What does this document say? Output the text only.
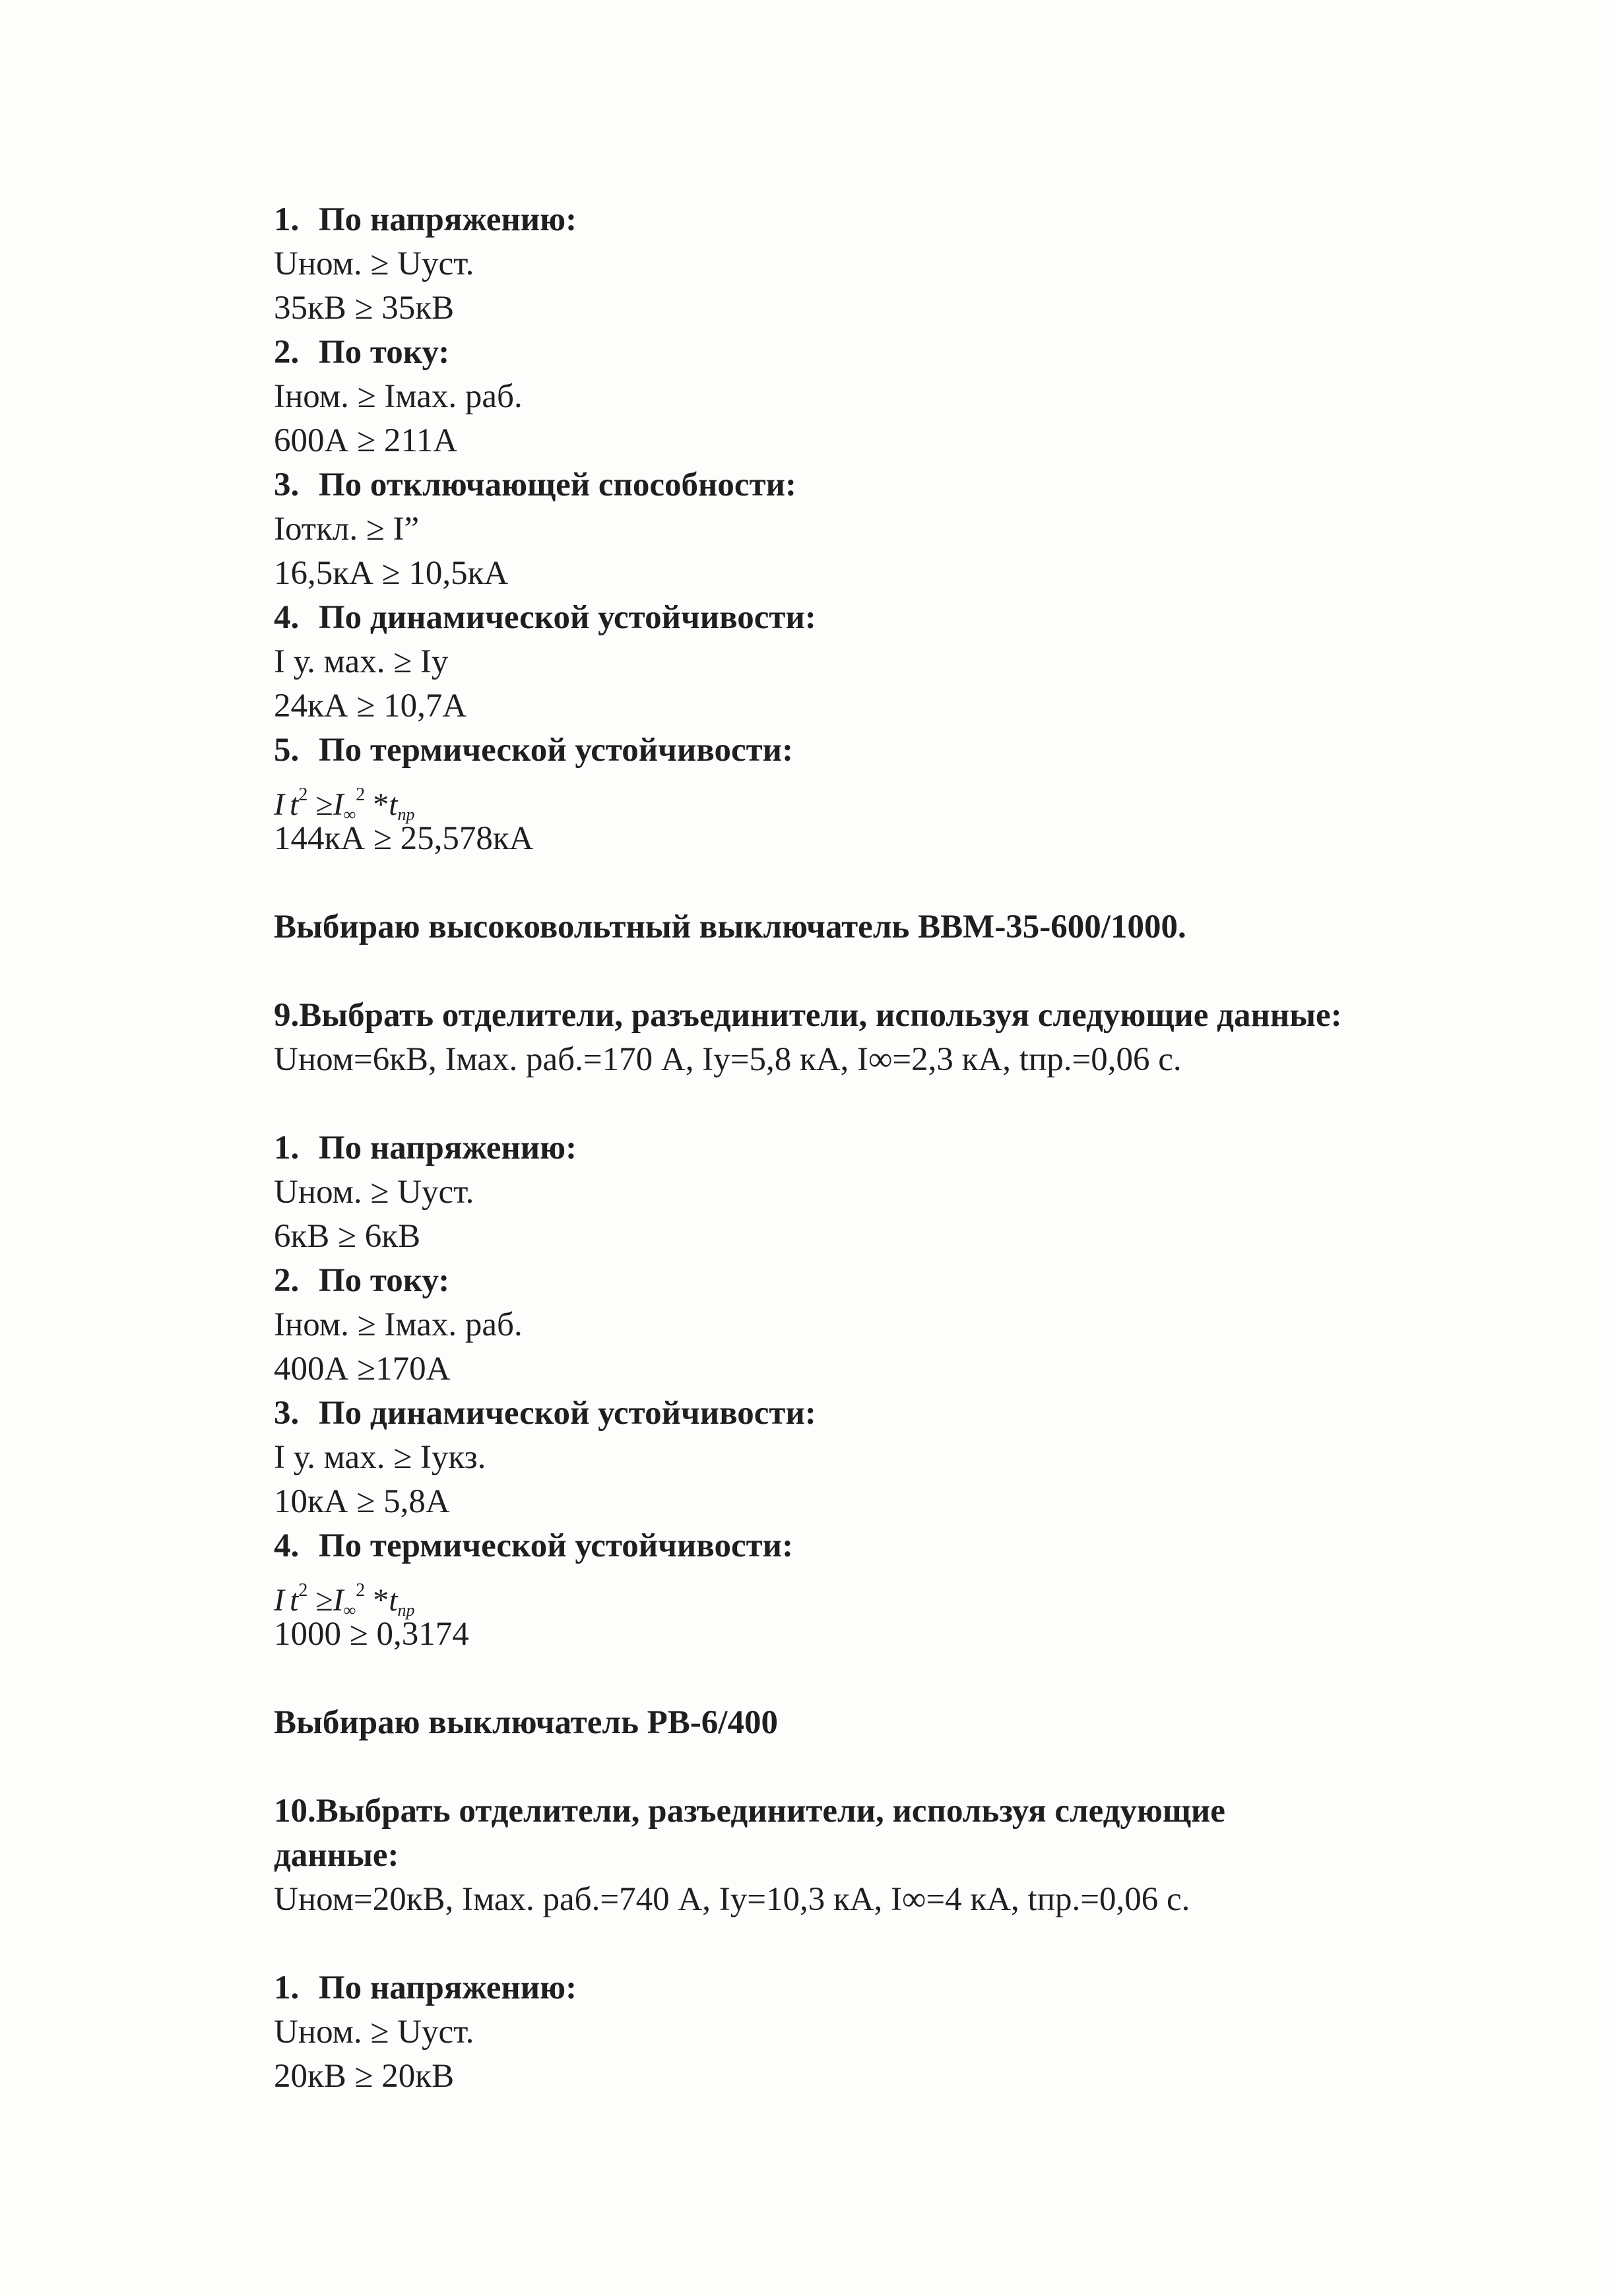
1. По напряжению:
Uном. ≥ Uуст.
35кВ ≥ 35кВ
2. По току:
Iном. ≥ Iмах. раб.
600А ≥ 211А
3. По отключающей способности:
Iоткл. ≥ I”
16,5кА ≥ 10,5кА
4. По динамической устойчивости:
I у. мах. ≥ Iу
24кА ≥ 10,7А
5. По термической устойчивости:
I $t^2 \ge I_\infty^2$ $*t_{пр}$
144кА ≥ 25,578кА
Выбираю высоковольтный выключатель ВВМ-35-600/1000.
9.Выбрать отделители, разъединители, используя следующие данные:
Uном=6кВ, Iмах. раб.=170 А, Iу=5,8 кА, I∞=2,3 кА, tпр.=0,06 с.
1. По напряжению:
Uном. ≥ Uуст.
6кВ ≥ 6кВ
2. По току:
Iном. ≥ Iмах. раб.
400А ≥170А
3. По динамической устойчивости:
I у. мах. ≥ Iукз.
10кА ≥ 5,8А
4. По термической устойчивости:
I $t^2 \ge I_\infty^2$ $*t_{пр}$
1000 ≥ 0,3174
Выбираю выключатель РВ-6/400
10.Выбрать отделители, разъединители, используя следующие
данные:
Uном=20кВ, Iмах. раб.=740 А, Iу=10,3 кА, I∞=4 кА, tпр.=0,06 с.
1. По напряжению:
Uном. ≥ Uуст.
20кВ ≥ 20кВ
